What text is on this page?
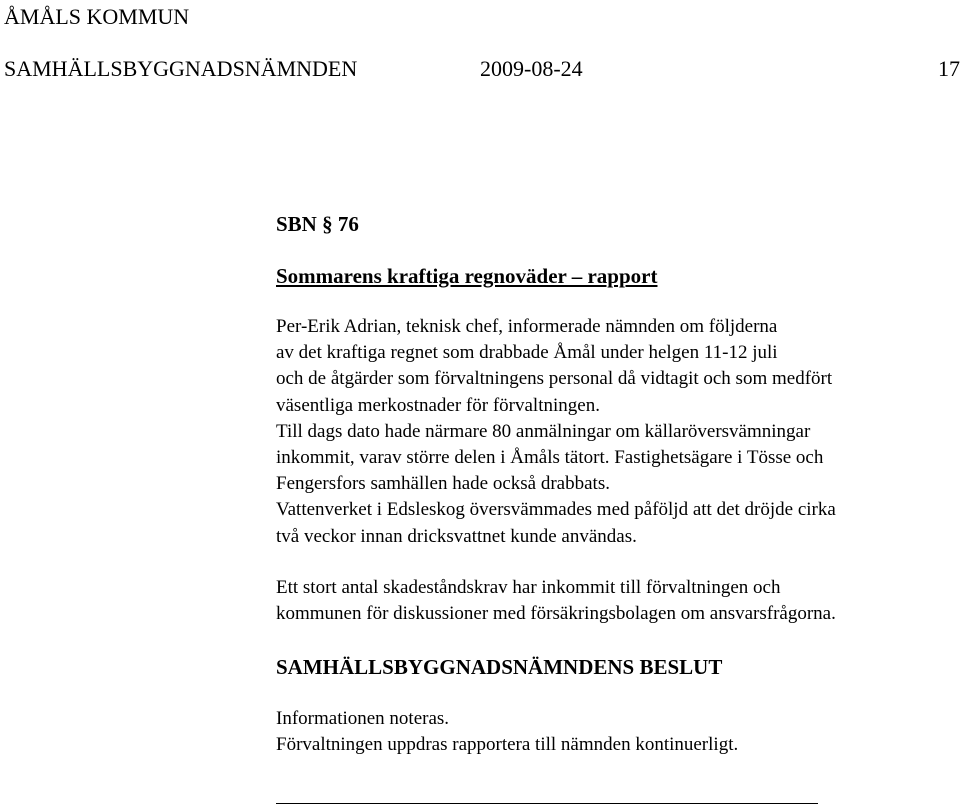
ÅMÅLS KOMMUN
SAMHÄLLSBYGGNADSNÄMNDEN	2009-08-24	17
SBN § 76
Sommarens kraftiga regnoväder – rapport
Per-Erik Adrian, teknisk chef, informerade nämnden om följderna
av det kraftiga regnet som drabbade Åmål under helgen 11-12 juli
och de åtgärder som förvaltningens personal då vidtagit och som medfört
väsentliga merkostnader för förvaltningen.
Till dags dato hade närmare 80 anmälningar om källaröversvämningar
inkommit, varav större delen i Åmåls tätort. Fastighetsägare i Tösse och
Fengersfors samhällen hade också drabbats.
Vattenverket i Edsleskog översvämmades med påföljd att det dröjde cirka
två veckor innan dricksvattnet kunde användas.
Ett stort antal skadeståndskrav har inkommit till förvaltningen och
kommunen för diskussioner med försäkringsbolagen om ansvarsfrågorna.
SAMHÄLLSBYGGNADSNÄMNDENS BESLUT
Informationen noteras.
Förvaltningen uppdras rapportera till nämnden kontinuerligt.
